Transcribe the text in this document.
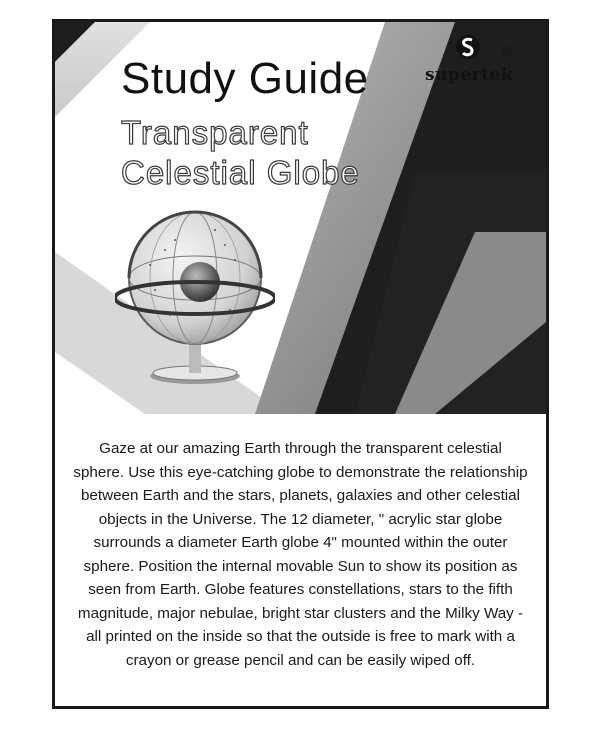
Study Guide
Transparent
Celestial Globe
®
supertek

Gaze at our amazing Earth through the transparent celestial sphere. Use this eye-catching globe to demonstrate the relationship between Earth and the stars, planets, galaxies and other celestial objects in the Universe. The 12 diameter, " acrylic star globe surrounds a diameter Earth globe 4" mounted within the outer sphere. Position the internal movable Sun to show its position as seen from Earth. Globe features constellations, stars to the fifth magnitude, major nebulae, bright star clusters and the Milky Way - all printed on the inside so that the outside is free to mark with a crayon or grease pencil and can be easily wiped off.
